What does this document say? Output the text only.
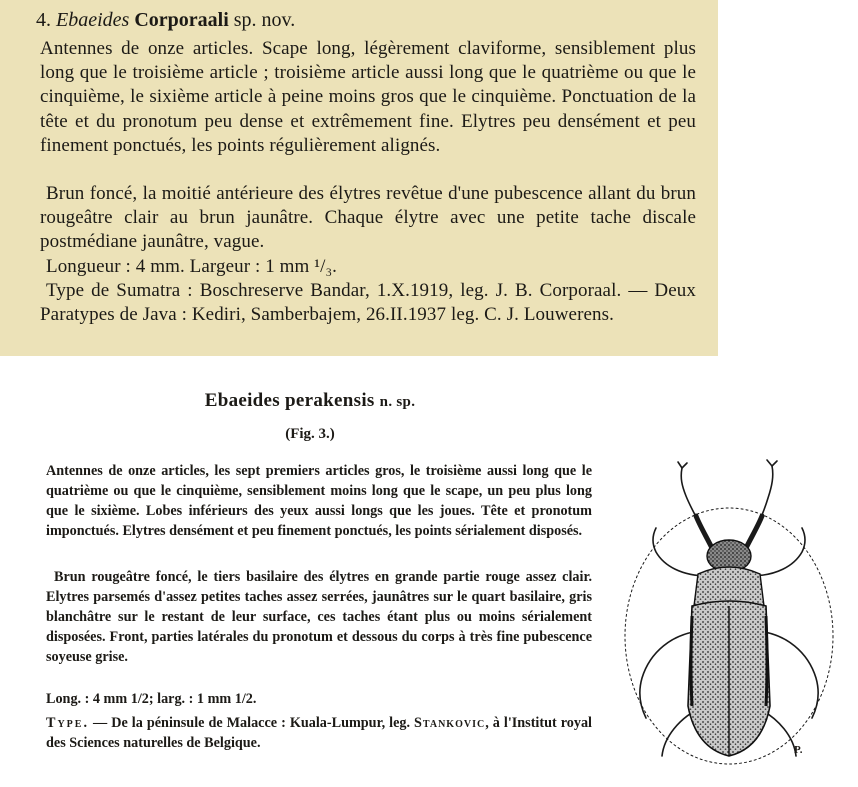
4. Ebaeides Corporaali sp. nov.

Antennes de onze articles. Scape long, légèrement claviforme, sensiblement plus long que le troisième article ; troisième article aussi long que le quatrième ou que le cinquième, le sixième article à peine moins gros que le cinquième. Ponctuation de la tête et du pronotum peu dense et extrêmement fine. Elytres peu densément et peu finement ponctués, les points régulièrement alignés.

Brun foncé, la moitié antérieure des élytres revêtue d'une pubescence allant du brun rougeâtre clair au brun jaunâtre. Chaque élytre avec une petite tache discale postmédiane jaunâtre, vague.

Longueur : 4 mm. Largeur : 1 mm ¹/₃.

Type de Sumatra : Boschreserve Bandar, 1.X.1919, leg. J. B. Corporaal. — Deux Paratypes de Java : Kediri, Samberbajem, 26.II.1937 leg. C. J. Louwerens.

Ebaeides perakensis n. sp.

(Fig. 3.)

Antennes de onze articles, les sept premiers articles gros, le troisième aussi long que le quatrième ou que le cinquième, sensiblement moins long que le scape, un peu plus long que le sixième. Lobes inférieurs des yeux aussi longs que les joues. Tête et pronotum imponctués. Elytres densément et peu finement ponctués, les points sérialement disposés.

Brun rougeâtre foncé, le tiers basilaire des élytres en grande partie rouge assez clair. Elytres parsemés d'assez petites taches assez serrées, jaunâtres sur le quart basilaire, gris blanchâtre sur le restant de leur surface, ces taches étant plus ou moins sérialement disposées. Front, parties latérales du pronotum et dessous du corps à très fine pubescence soyeuse grise.

Long. : 4 mm 1/2; larg. : 1 mm 1/2.

Type. — De la péninsule de Malacce : Kuala-Lumpur, leg. Stankovic, à l'Institut royal des Sciences naturelles de Belgique.	P.
